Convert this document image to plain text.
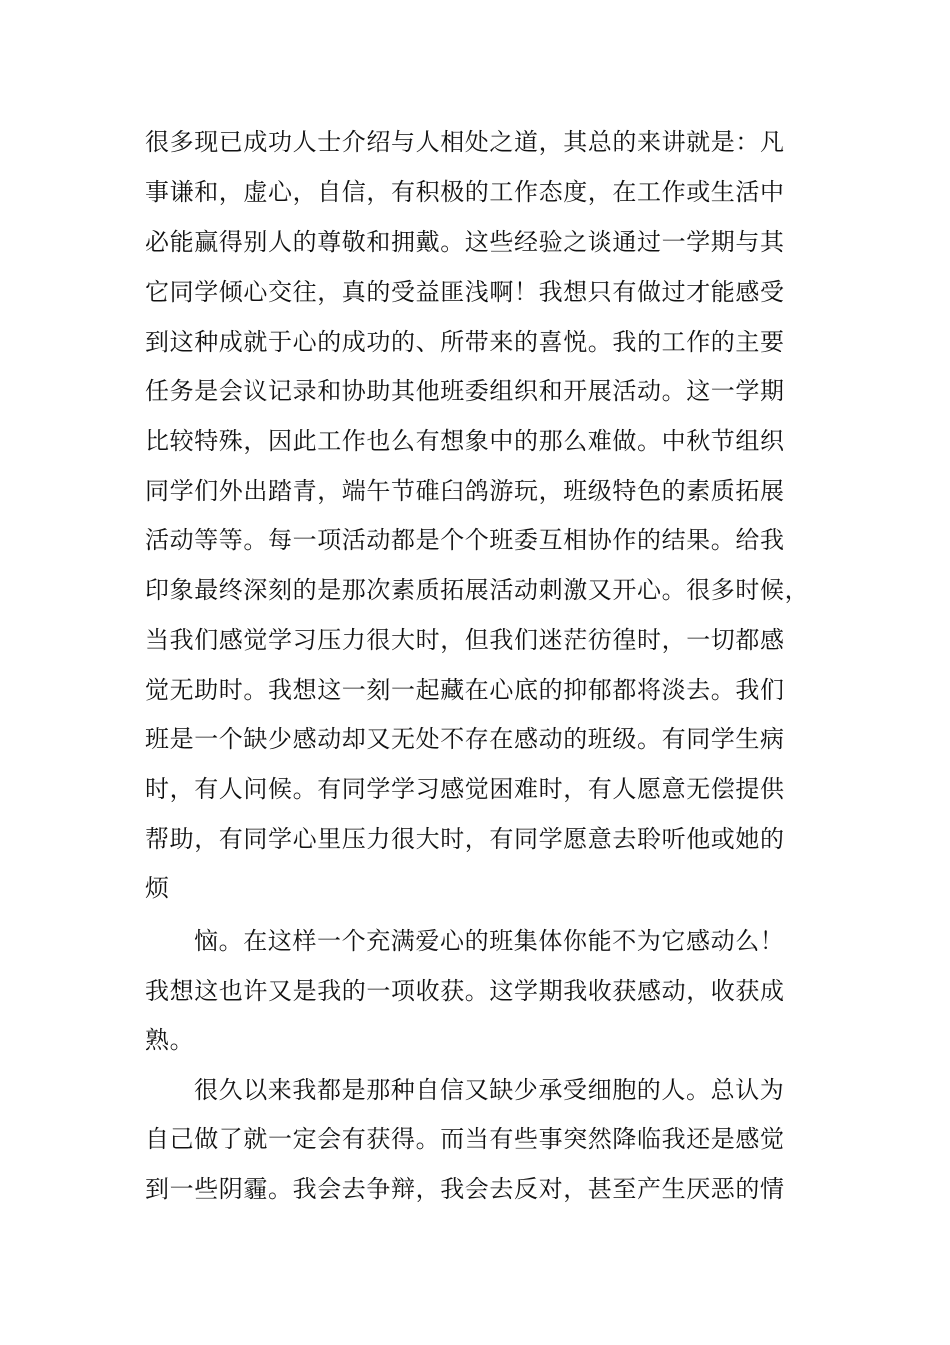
很多现已成功人士介绍与人相处之道，其总的来讲就是：凡
事谦和，虚心，自信，有积极的工作态度，在工作或生活中
必能赢得别人的尊敬和拥戴。这些经验之谈通过一学期与其
它同学倾心交往，真的受益匪浅啊！我想只有做过才能感受
到这种成就于心的成功的、所带来的喜悦。我的工作的主要
任务是会议记录和协助其他班委组织和开展活动。这一学期
比较特殊，因此工作也么有想象中的那么难做。中秋节组织
同学们外出踏青，端午节碓臼鸽游玩，班级特色的素质拓展
活动等等。每一项活动都是个个班委互相协作的结果。给我
印象最终深刻的是那次素质拓展活动刺激又开心。很多时候，
当我们感觉学习压力很大时，但我们迷茫彷徨时，一切都感
觉无助时。我想这一刻一起藏在心底的抑郁都将淡去。我们
班是一个缺少感动却又无处不存在感动的班级。有同学生病
时，有人问候。有同学学习感觉困难时，有人愿意无偿提供
帮助，有同学心里压力很大时，有同学愿意去聆听他或她的
烦
恼。在这样一个充满爱心的班集体你能不为它感动么！
我想这也许又是我的一项收获。这学期我收获感动，收获成
熟。
很久以来我都是那种自信又缺少承受细胞的人。总认为
自己做了就一定会有获得。而当有些事突然降临我还是感觉
到一些阴霾。我会去争辩，我会去反对，甚至产生厌恶的情
